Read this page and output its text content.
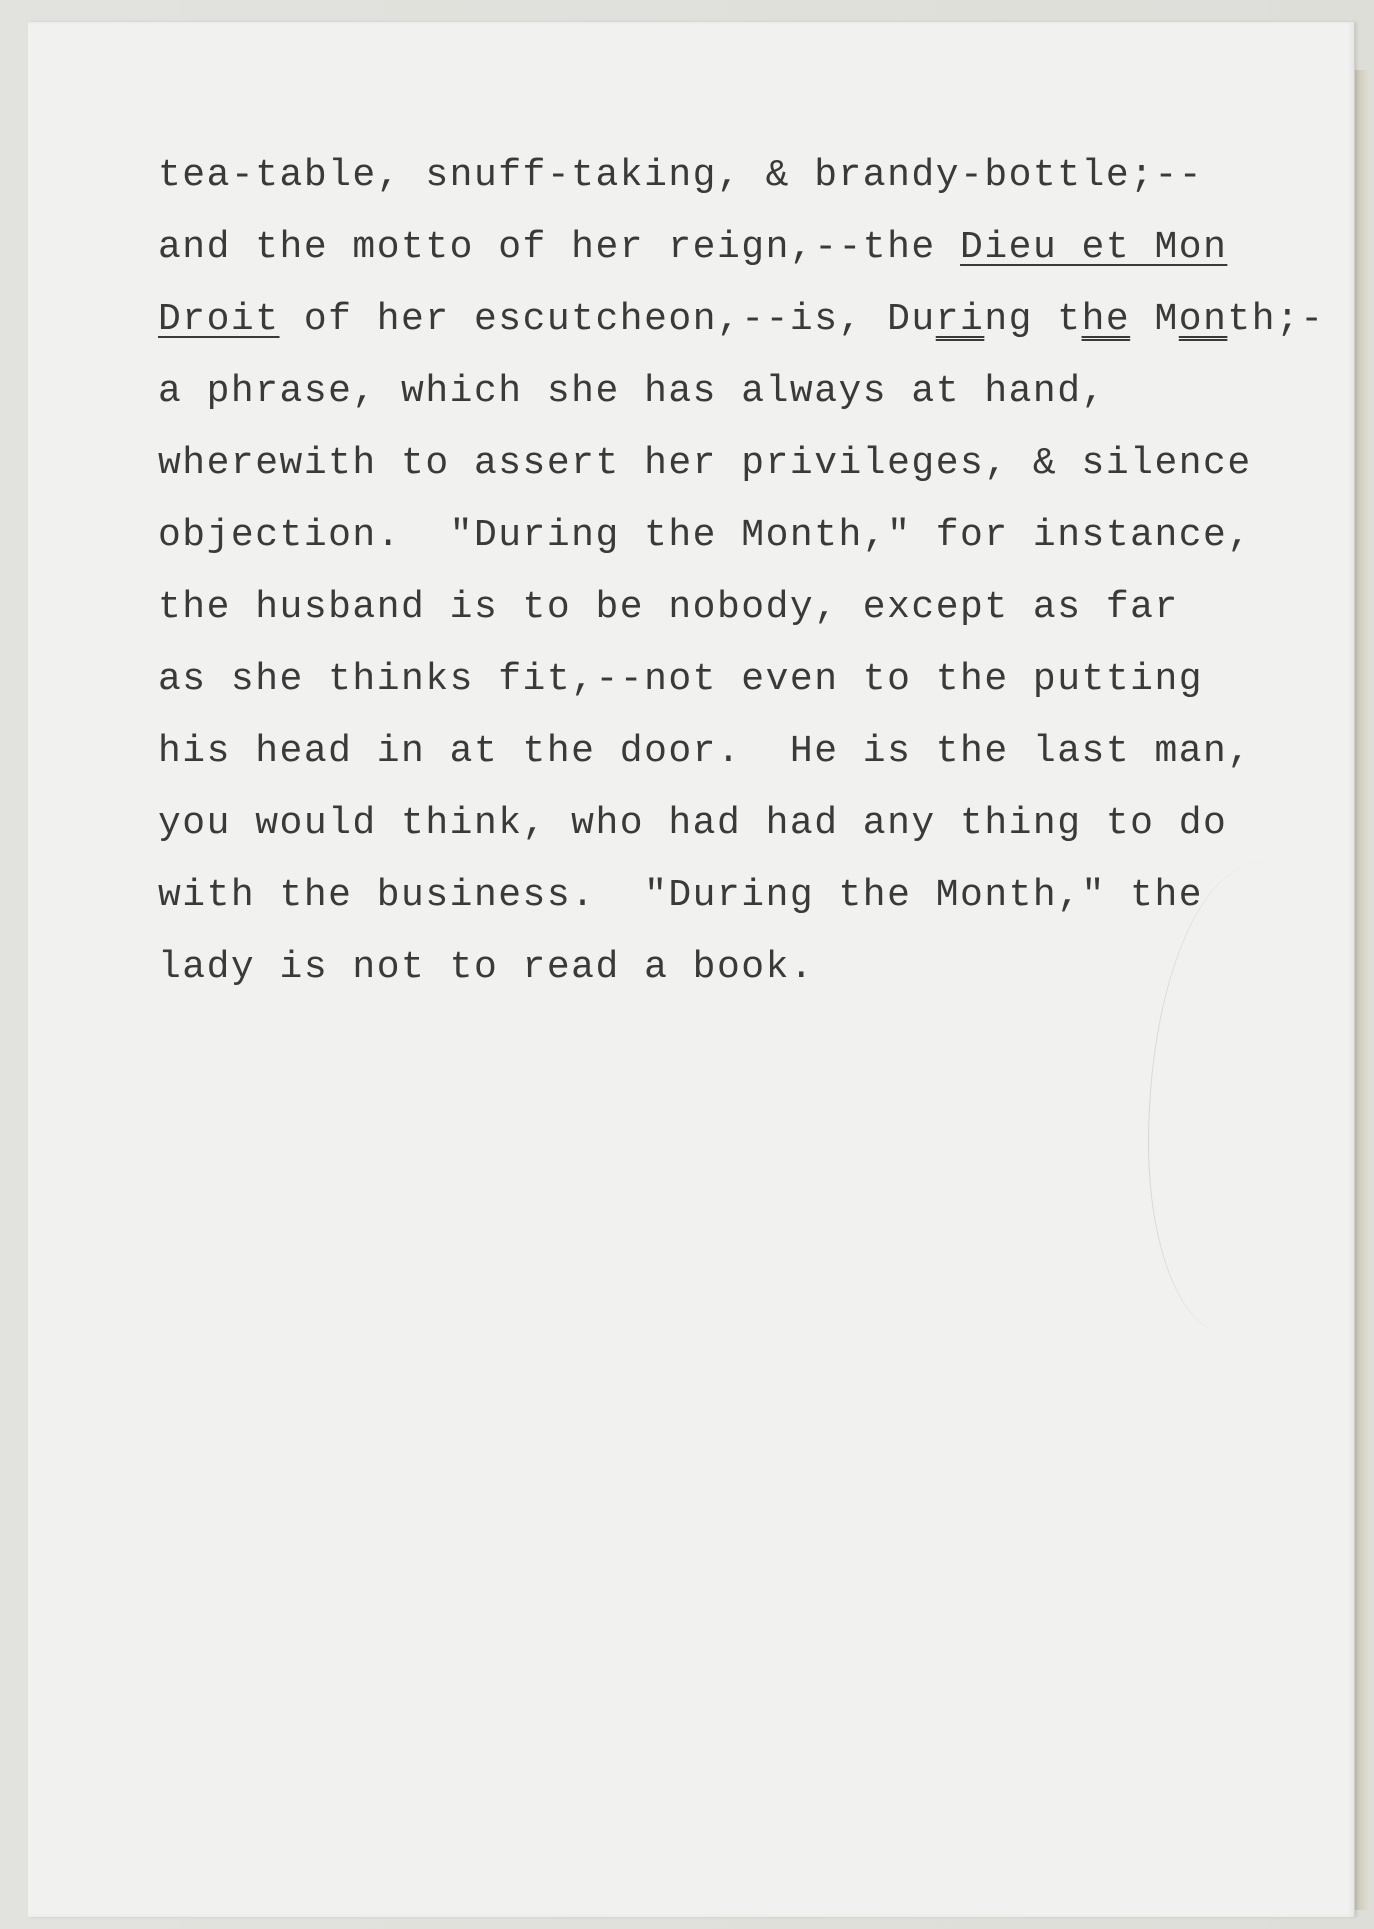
tea-table, snuff-taking, & brandy-bottle;--
and the motto of her reign,--the Dieu et Mon
Droit of her escutcheon,--is, During the Month;-
a phrase, which she has always at hand,
wherewith to assert her privileges, & silence
objection.  "During the Month," for instance,
the husband is to be nobody, except as far
as she thinks fit,--not even to the putting
his head in at the door.  He is the last man,
you would think, who had had any thing to do
with the business.  "During the Month," the
lady is not to read a book.
